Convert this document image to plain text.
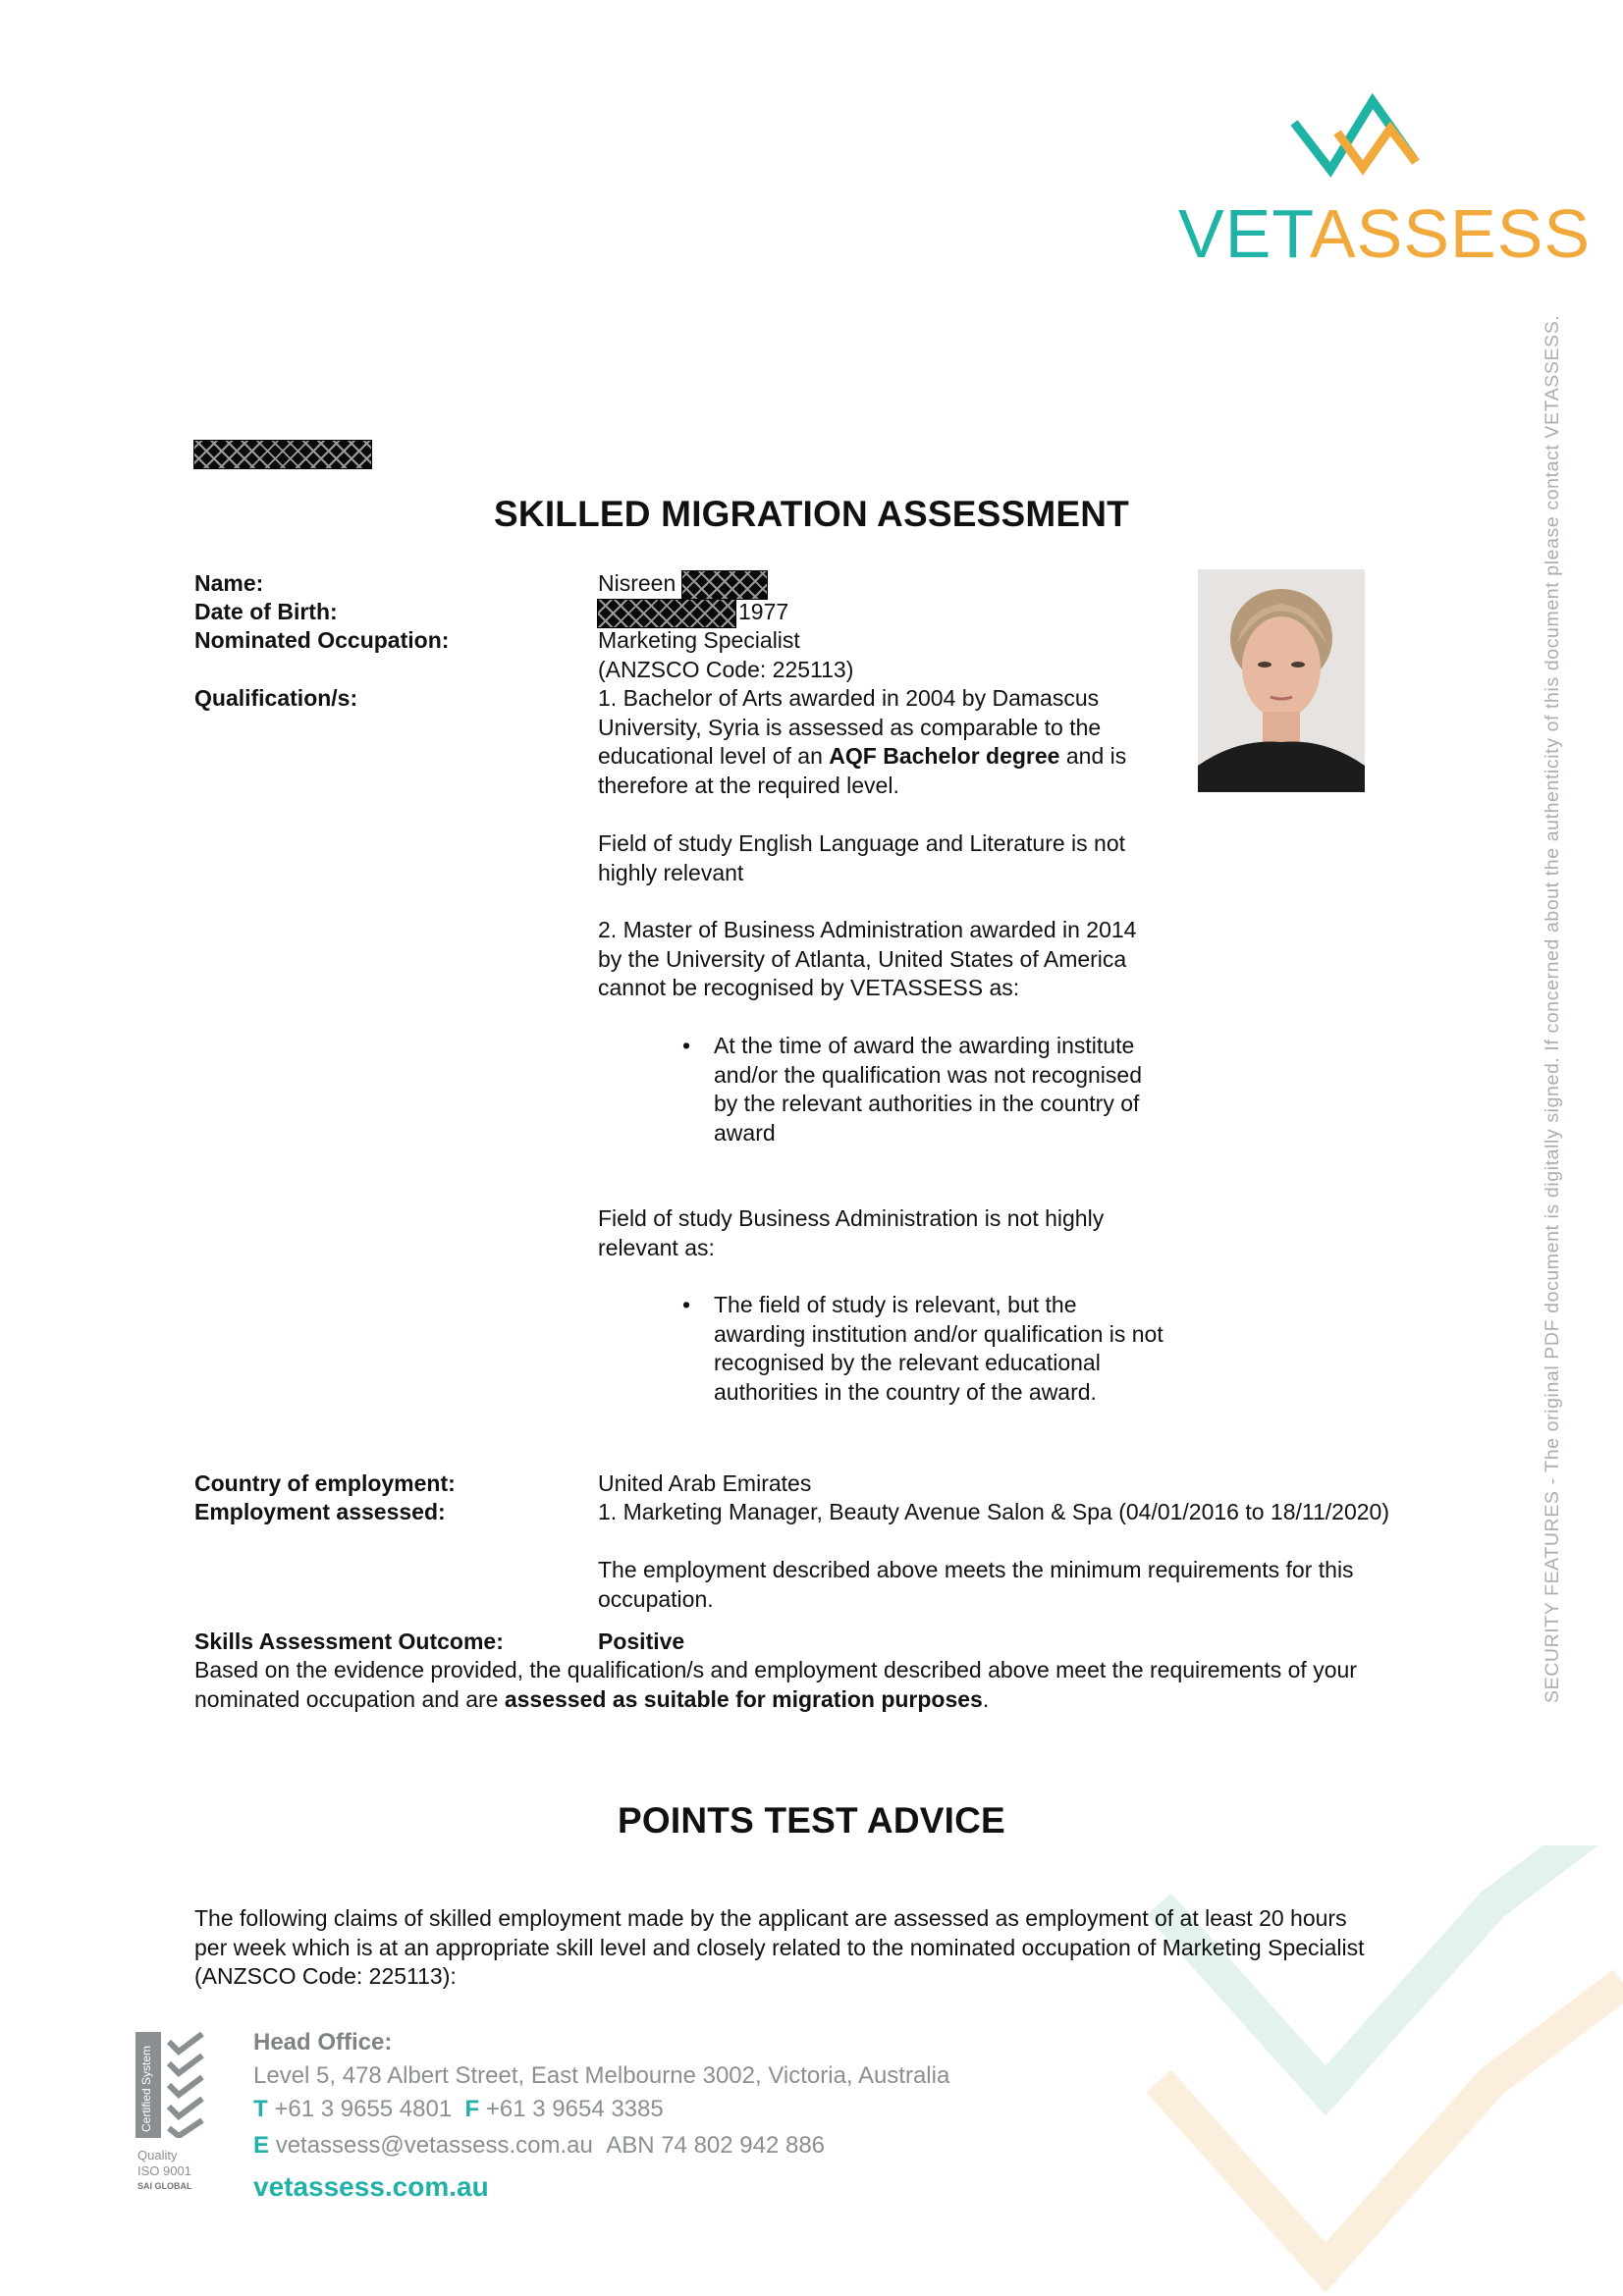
VETASSESS
SECURITY FEATURES - The original PDF document is digitally signed. If concerned about the authenticity of this document please contact VETASSESS.
SKILLED MIGRATION ASSESSMENT
Name:	Nisreen
Date of Birth:	1977
Nominated Occupation:	Marketing Specialist
(ANZSCO Code: 225113)
Qualification/s:	1. Bachelor of Arts awarded in 2004 by Damascus

University, Syria is assessed as comparable to the

educational level of an AQF Bachelor degree and is

therefore at the required level.

Field of study English Language and Literature is not

highly relevant

2. Master of Business Administration awarded in 2014

by the University of Atlanta, United States of America

cannot be recognised by VETASSESS as:

• At the time of award the awarding institute

and/or the qualification was not recognised

by the relevant authorities in the country of

award

Field of study Business Administration is not highly

relevant as:

• The field of study is relevant, but the

awarding institution and/or qualification is not

recognised by the relevant educational

authorities in the country of the award.

Country of employment:	United Arab Emirates
Employment assessed:	1. Marketing Manager, Beauty Avenue Salon & Spa (04/01/2016 to 18/11/2020)

The employment described above meets the minimum requirements for this

occupation.

Skills Assessment Outcome:	Positive

Based on the evidence provided, the qualification/s and employment described above meet the requirements of your

nominated occupation and are assessed as suitable for migration purposes.

POINTS TEST ADVICE

The following claims of skilled employment made by the applicant are assessed as employment of at least 20 hours

per week which is at an appropriate skill level and closely related to the nominated occupation of Marketing Specialist

(ANZSCO Code: 225113):

Certified System
Quality
ISO 9001
SAI GLOBAL
Head Office:
Level 5, 478 Albert Street, East Melbourne 3002, Victoria, Australia
T +61 3 9655 4801 F +61 3 9654 3385
E vetassess@vetassess.com.au ABN 74 802 942 886
vetassess.com.au
